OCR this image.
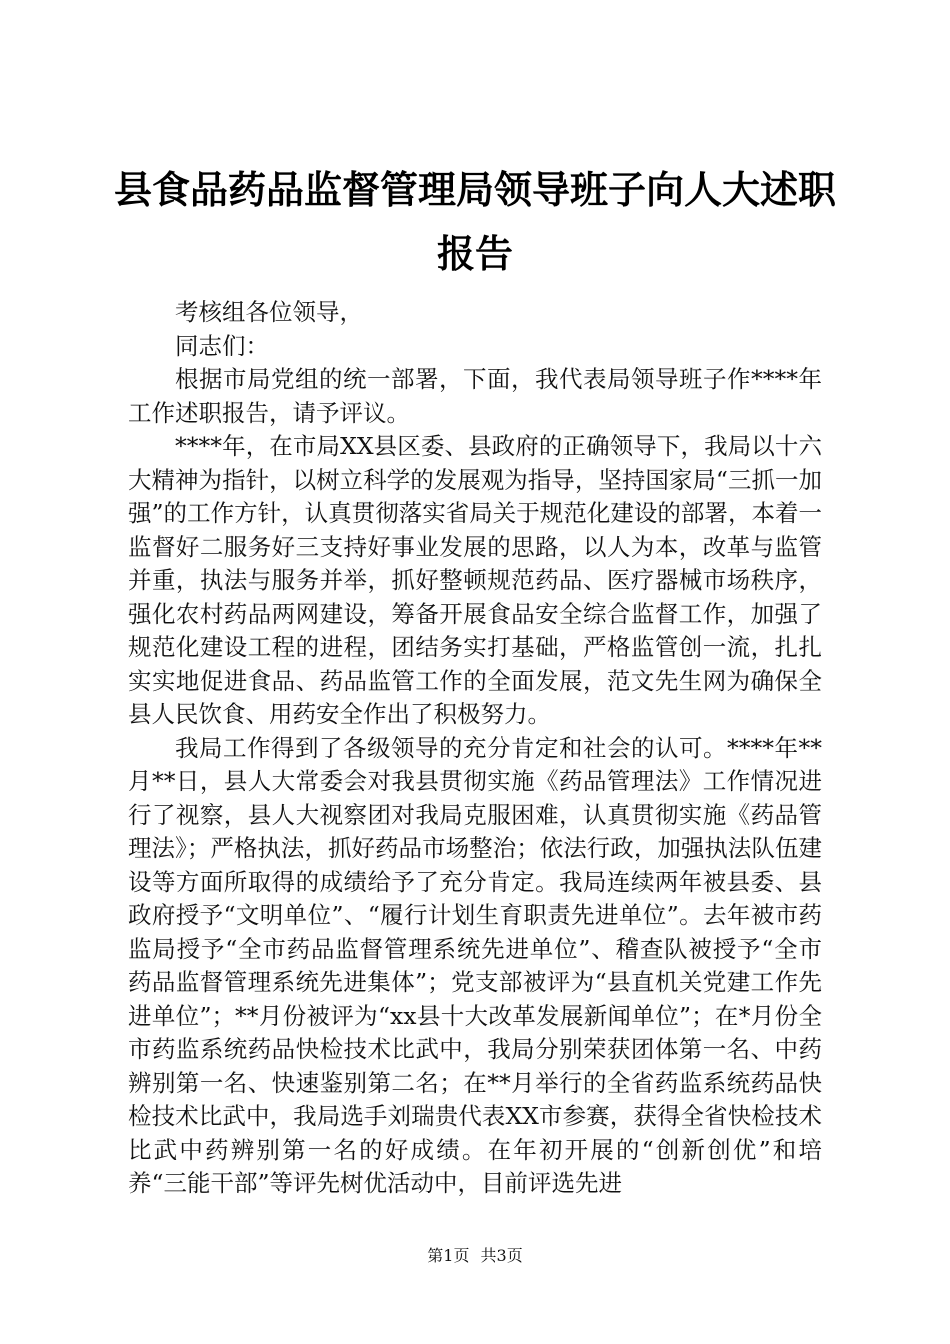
县食品药品监督管理局领导班子向人大述职报告

考核组各位领导，

同志们：

根据市局党组的统一部署，下面，我代表局领导班子作****年工作述职报告，请予评议。

****年，在市局XX县区委、县政府的正确领导下，我局以十六大精神为指针，以树立科学的发展观为指导，坚持国家局“三抓一加强”的工作方针，认真贯彻落实省局关于规范化建设的部署，本着一监督好二服务好三支持好事业发展的思路，以人为本，改革与监管并重，执法与服务并举，抓好整顿规范药品、医疗器械市场秩序，强化农村药品两网建设，筹备开展食品安全综合监督工作，加强了规范化建设工程的进程，团结务实打基础，严格监管创一流，扎扎实实地促进食品、药品监管工作的全面发展，范文先生网为确保全县人民饮食、用药安全作出了积极努力。

我局工作得到了各级领导的充分肯定和社会的认可。****年**月**日，县人大常委会对我县贯彻实施《药品管理法》工作情况进行了视察，县人大视察团对我局克服困难，认真贯彻实施《药品管理法》；严格执法，抓好药品市场整治；依法行政，加强执法队伍建设等方面所取得的成绩给予了充分肯定。我局连续两年被县委、县政府授予“文明单位”、“履行计划生育职责先进单位”。去年被市药监局授予“全市药品监督管理系统先进单位”、稽查队被授予“全市药品监督管理系统先进集体”；党支部被评为“县直机关党建工作先进单位”；**月份被评为“xx县十大改革发展新闻单位”；在*月份全市药监系统药品快检技术比武中，我局分别荣获团体第一名、中药辨别第一名、快速鉴别第二名；在**月举行的全省药监系统药品快检技术比武中，我局选手刘瑞贵代表XX市参赛，获得全省快检技术比武中药辨别第一名的好成绩。在年初开展的“创新创优”和培养“三能干部”等评先树优活动中，目前评选先进

第1页 共3页
